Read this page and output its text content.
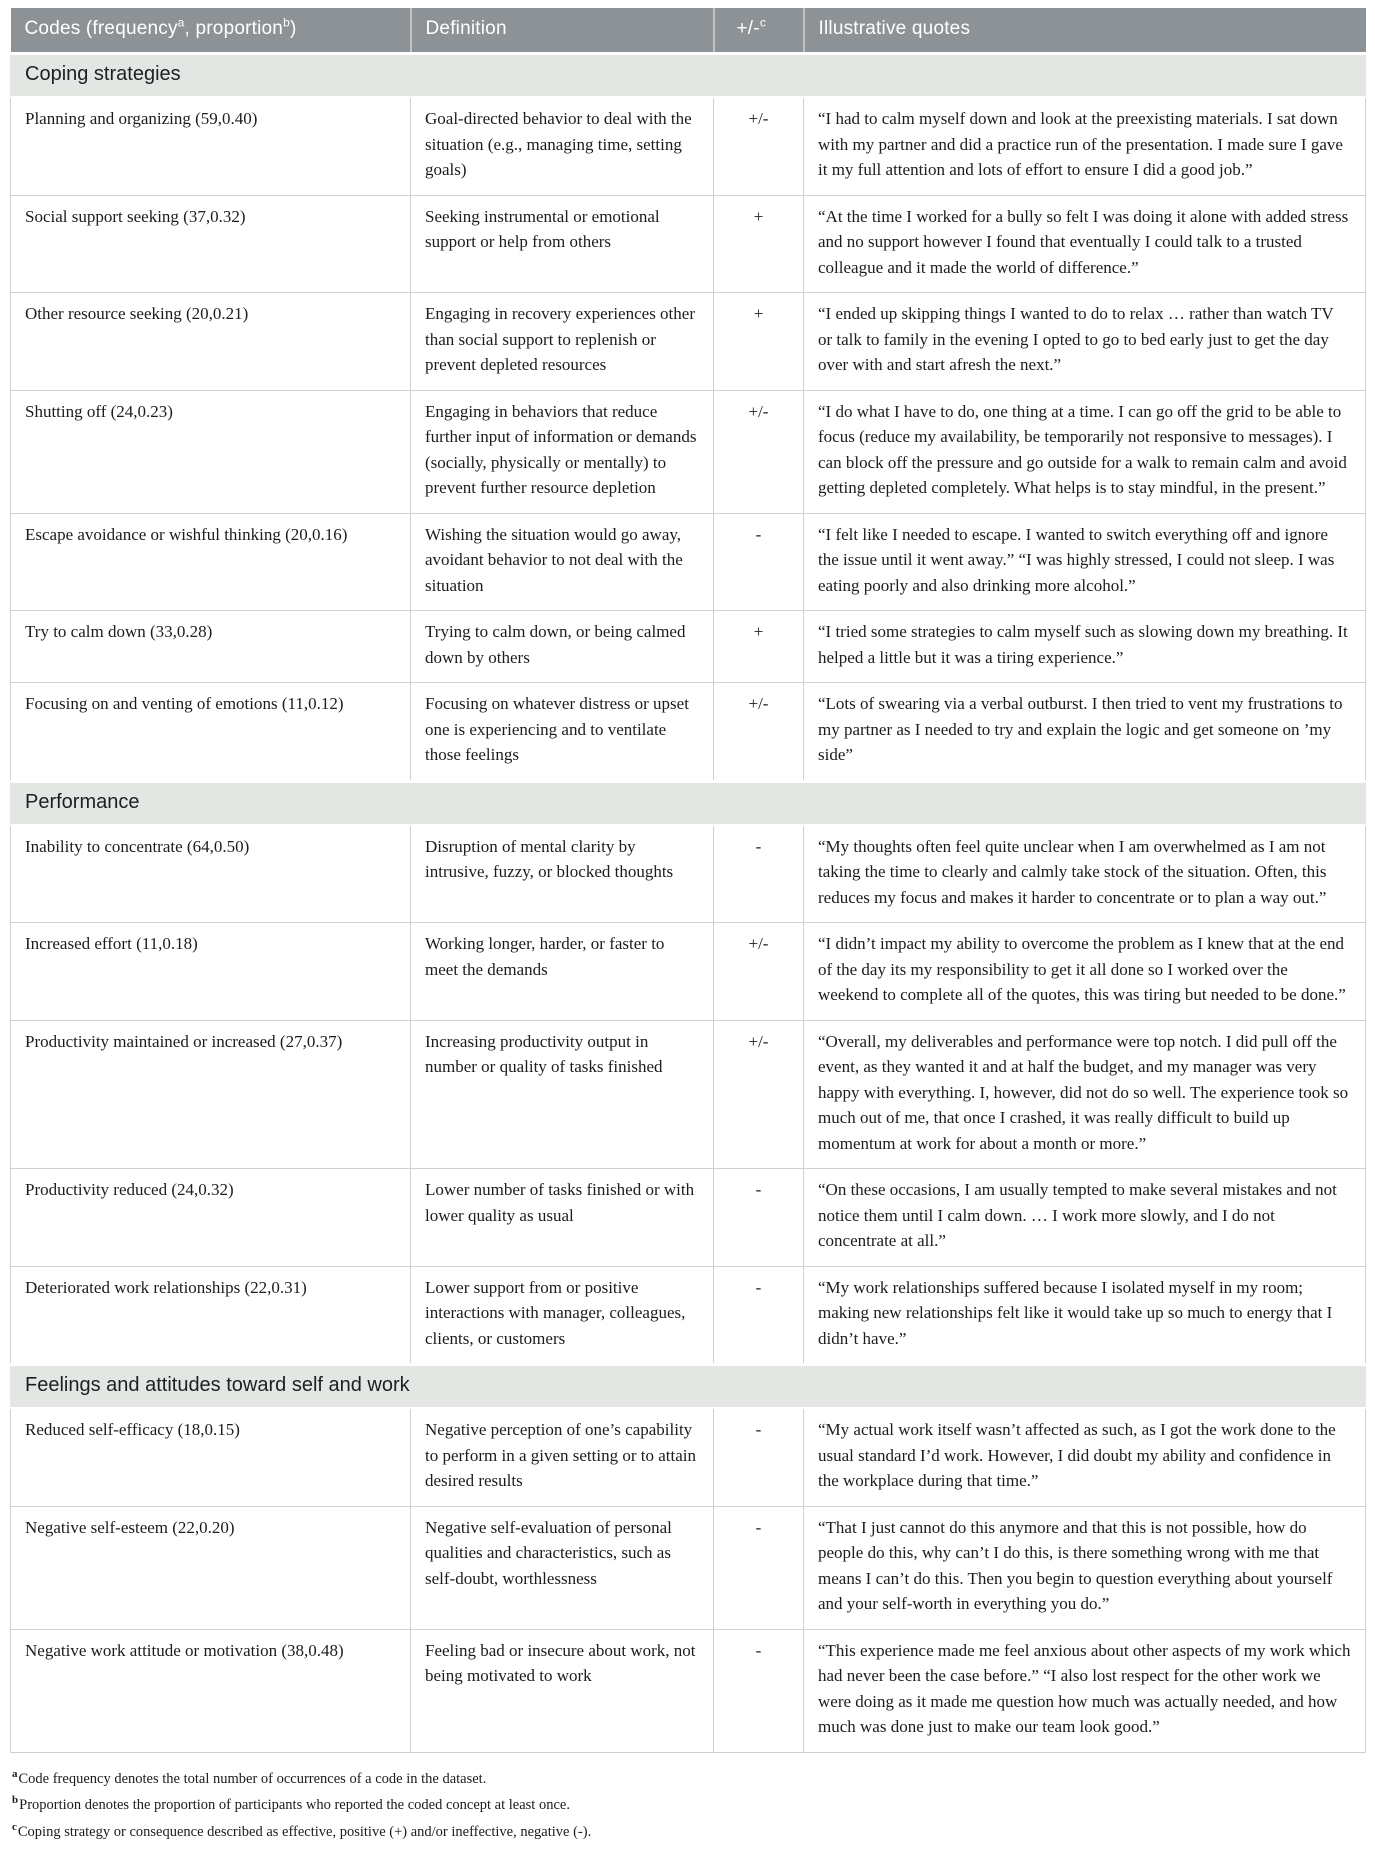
Codes (frequency$^a$, proportion$^b$)	Definition	+/-$^c$	Illustrative quotes
Coping strategies			
Planning and organizing (59,0.40)	Goal-directed behavior to deal with the situation (e.g., managing time, setting goals)	+/-	“I had to calm myself down and look at the preexisting materials. I sat down with my partner and did a practice run of the presentation. I made sure I gave it my full attention and lots of effort to ensure I did a good job.”
Social support seeking (37,0.32)	Seeking instrumental or emotional support or help from others	+	“At the time I worked for a bully so felt I was doing it alone with added stress and no support however I found that eventually I could talk to a trusted colleague and it made the world of difference.”
Other resource seeking (20,0.21)	Engaging in recovery experiences other than social support to replenish or prevent depleted resources	+	“I ended up skipping things I wanted to do to relax … rather than watch TV or talk to family in the evening I opted to go to bed early just to get the day over with and start afresh the next.”
Shutting off (24,0.23)	Engaging in behaviors that reduce further input of information or demands (socially, physically or mentally) to prevent further resource depletion	+/-	“I do what I have to do, one thing at a time. I can go off the grid to be able to focus (reduce my availability, be temporarily not responsive to messages). I can block off the pressure and go outside for a walk to remain calm and avoid getting depleted completely. What helps is to stay mindful, in the present.”
Escape avoidance or wishful thinking (20,0.16)	Wishing the situation would go away, avoidant behavior to not deal with the situation	-	“I felt like I needed to escape. I wanted to switch everything off and ignore the issue until it went away.” “I was highly stressed, I could not sleep. I was eating poorly and also drinking more alcohol.”
Try to calm down (33,0.28)	Trying to calm down, or being calmed down by others	+	“I tried some strategies to calm myself such as slowing down my breathing. It helped a little but it was a tiring experience.”
Focusing on and venting of emotions (11,0.12)	Focusing on whatever distress or upset one is experiencing and to ventilate those feelings	+/-	“Lots of swearing via a verbal outburst. I then tried to vent my frustrations to my partner as I needed to try and explain the logic and get someone on ’my side”
Performance			
Inability to concentrate (64,0.50)	Disruption of mental clarity by intrusive, fuzzy, or blocked thoughts	-	“My thoughts often feel quite unclear when I am overwhelmed as I am not taking the time to clearly and calmly take stock of the situation. Often, this reduces my focus and makes it harder to concentrate or to plan a way out.”
Increased effort (11,0.18)	Working longer, harder, or faster to meet the demands	+/-	“I didn’t impact my ability to overcome the problem as I knew that at the end of the day its my responsibility to get it all done so I worked over the weekend to complete all of the quotes, this was tiring but needed to be done.”
Productivity maintained or increased (27,0.37)	Increasing productivity output in number or quality of tasks finished	+/-	“Overall, my deliverables and performance were top notch. I did pull off the event, as they wanted it and at half the budget, and my manager was very happy with everything. I, however, did not do so well. The experience took so much out of me, that once I crashed, it was really difficult to build up momentum at work for about a month or more.”
Productivity reduced (24,0.32)	Lower number of tasks finished or with lower quality as usual	-	“On these occasions, I am usually tempted to make several mistakes and not notice them until I calm down. … I work more slowly, and I do not concentrate at all.”
Deteriorated work relationships (22,0.31)	Lower support from or positive interactions with manager, colleagues, clients, or customers	-	“My work relationships suffered because I isolated myself in my room; making new relationships felt like it would take up so much to energy that I didn’t have.”
Feelings and attitudes toward self and work			
Reduced self-efficacy (18,0.15)	Negative perception of one’s capability to perform in a given setting or to attain desired results	-	“My actual work itself wasn’t affected as such, as I got the work done to the usual standard I’d work. However, I did doubt my ability and confidence in the workplace during that time.”
Negative self-esteem (22,0.20)	Negative self-evaluation of personal qualities and characteristics, such as self-doubt, worthlessness	-	“That I just cannot do this anymore and that this is not possible, how do people do this, why can’t I do this, is there something wrong with me that means I can’t do this. Then you begin to question everything about yourself and your self-worth in everything you do.”
Negative work attitude or motivation (38,0.48)	Feeling bad or insecure about work, not being motivated to work	-	“This experience made me feel anxious about other aspects of my work which had never been the case before.” “I also lost respect for the other work we were doing as it made me question how much was actually needed, and how much was done just to make our team look good.”
$^a$Code frequency denotes the total number of occurrences of a code in the dataset.
$^b$Proportion denotes the proportion of participants who reported the coded concept at least once.
$^c$Coping strategy or consequence described as effective, positive (+) and/or ineffective, negative (-).
